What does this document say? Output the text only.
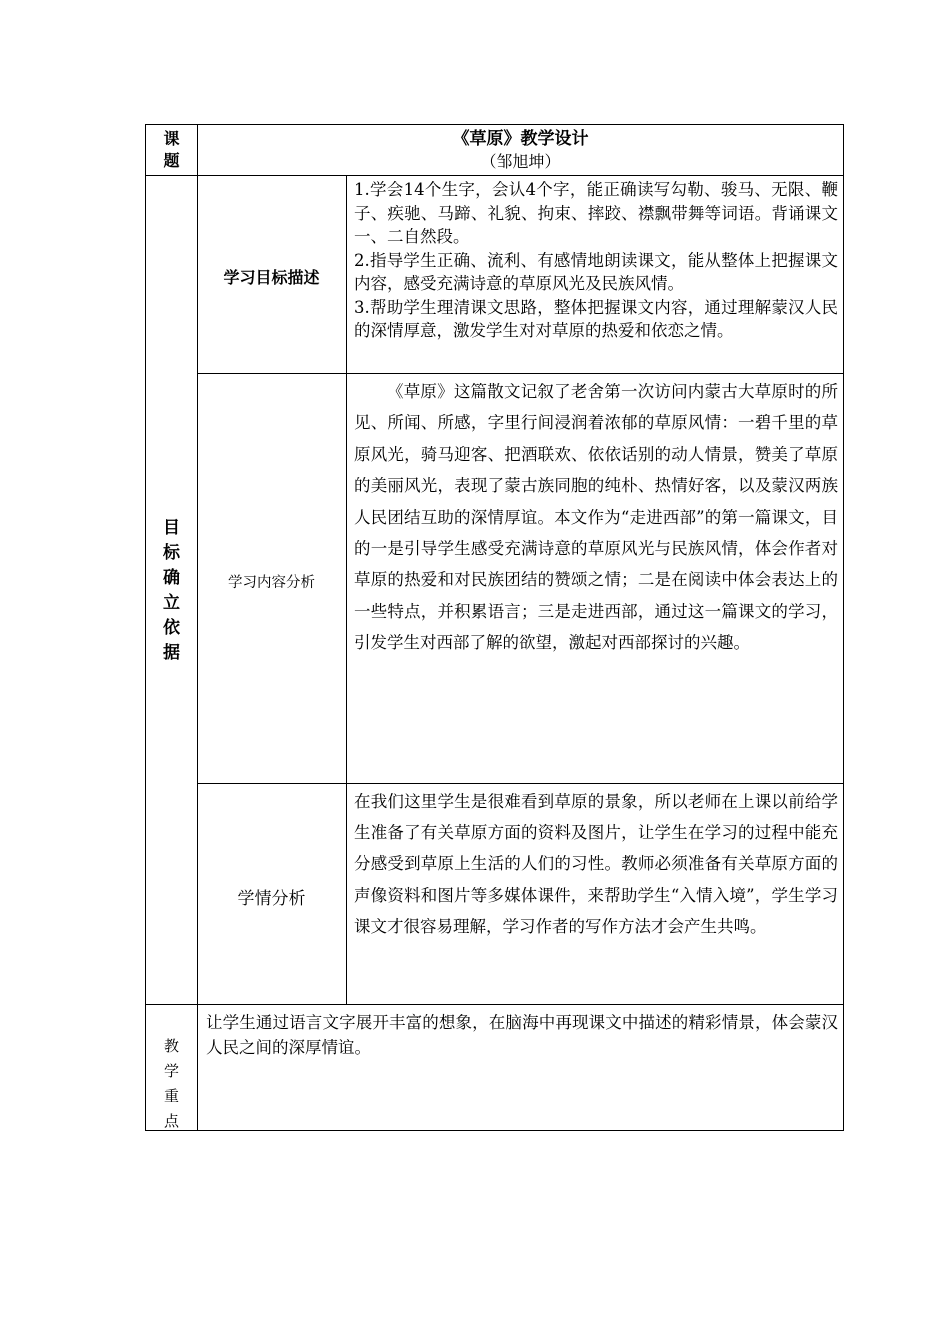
课
题
《草原》教学设计
（邹旭坤）
目
标
确
立
依
据
学习目标描述

1.学会14个生字，会认4个字，能正确读写勾勒、骏马、无限、鞭子、疾驰、马蹄、礼貌、拘束、摔跤、襟飘带舞等词语。背诵课文一、二自然段。

2.指导学生正确、流利、有感情地朗读课文，能从整体上把握课文内容，感受充满诗意的草原风光及民族风情。

3.帮助学生理清课文思路，整体把握课文内容，通过理解蒙汉人民的深情厚意，激发学生对对草原的热爱和依恋之情。

学习内容分析
《草原》这篇散文记叙了老舍第一次访问内蒙古大草原时的所见、所闻、所感，字里行间浸润着浓郁的草原风情：一碧千里的草原风光，骑马迎客、把酒联欢、依依话别的动人情景，赞美了草原的美丽风光，表现了蒙古族同胞的纯朴、热情好客，以及蒙汉两族人民团结互助的深情厚谊。本文作为“走进西部”的第一篇课文，目的一是引导学生感受充满诗意的草原风光与民族风情，体会作者对草原的热爱和对民族团结的赞颂之情；二是在阅读中体会表达上的一些特点，并积累语言；三是走进西部，通过这一篇课文的学习，引发学生对西部了解的欲望，激起对西部探讨的兴趣。
学情分析
在我们这里学生是很难看到草原的景象，所以老师在上课以前给学生准备了有关草原方面的资料及图片，让学生在学习的过程中能充分感受到草原上生活的人们的习性。教师必须准备有关草原方面的声像资料和图片等多媒体课件，来帮助学生“入情入境”，学生学习课文才很容易理解，学习作者的写作方法才会产生共鸣。
教
学
重
点
让学生通过语言文字展开丰富的想象，在脑海中再现课文中描述的精彩情景，体会蒙汉人民之间的深厚情谊。
